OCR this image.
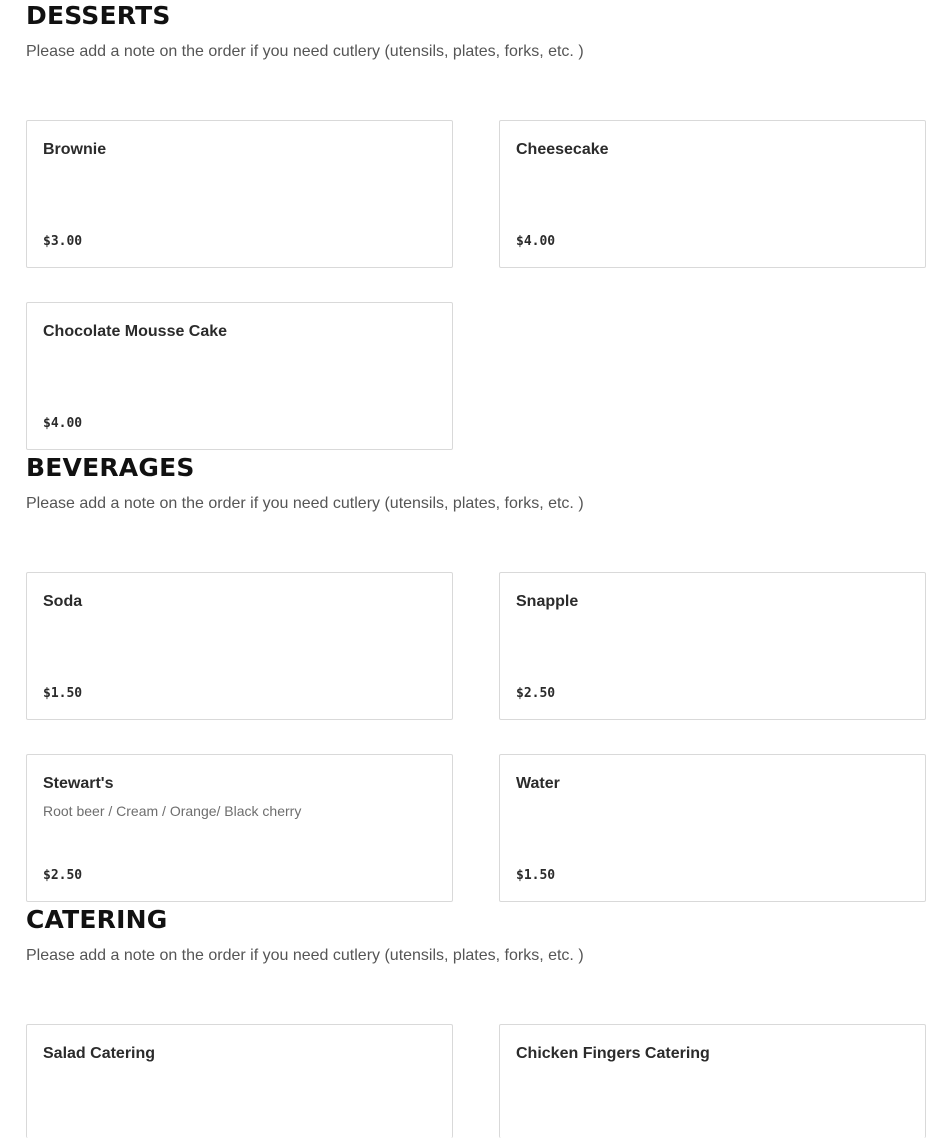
DESSERTS

Please add a note on the order if you need cutlery (utensils, plates, forks, etc. )

Brownie

$3.00

Cheesecake

$4.00

Chocolate Mousse Cake

$4.00

BEVERAGES

Please add a note on the order if you need cutlery (utensils, plates, forks, etc. )

Soda

$1.50

Snapple

$2.50

Stewart's

Root beer / Cream / Orange/ Black cherry

$2.50

Water

$1.50

CATERING

Please add a note on the order if you need cutlery (utensils, plates, forks, etc. )

Salad Catering	Chicken Fingers Catering
